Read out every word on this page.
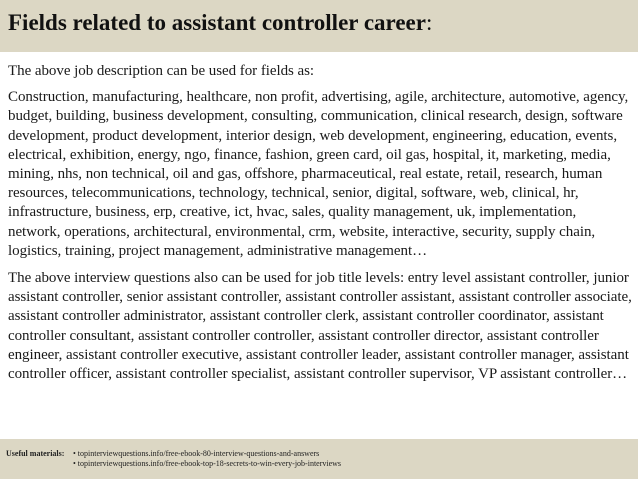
Fields related to assistant controller career:

The above job description can be used for fields as:

Construction, manufacturing, healthcare, non profit, advertising, agile, architecture, automotive, agency, budget, building, business development, consulting, communication, clinical research, design, software development, product development, interior design, web development, engineering, education, events, electrical, exhibition, energy, ngo, finance, fashion, green card, oil gas, hospital, it, marketing, media, mining, nhs, non technical, oil and gas, offshore, pharmaceutical, real estate, retail, research, human resources, telecommunications, technology, technical, senior, digital, software, web, clinical, hr, infrastructure, business, erp, creative, ict, hvac, sales, quality management, uk, implementation, network, operations, architectural, environmental, crm, website, interactive, security, supply chain, logistics, training, project management, administrative management…

The above interview questions also can be used for job title levels: entry level assistant controller, junior assistant controller, senior assistant controller, assistant controller assistant, assistant controller associate, assistant controller administrator, assistant controller clerk, assistant controller coordinator, assistant controller consultant, assistant controller controller, assistant controller director, assistant controller engineer, assistant controller executive, assistant controller leader, assistant controller manager, assistant controller officer, assistant controller specialist, assistant controller supervisor, VP assistant controller…

Useful materials:	• topinterviewquestions.info/free-ebook-80-interview-questions-and-answers
• topinterviewquestions.info/free-ebook-top-18-secrets-to-win-every-job-interviews
